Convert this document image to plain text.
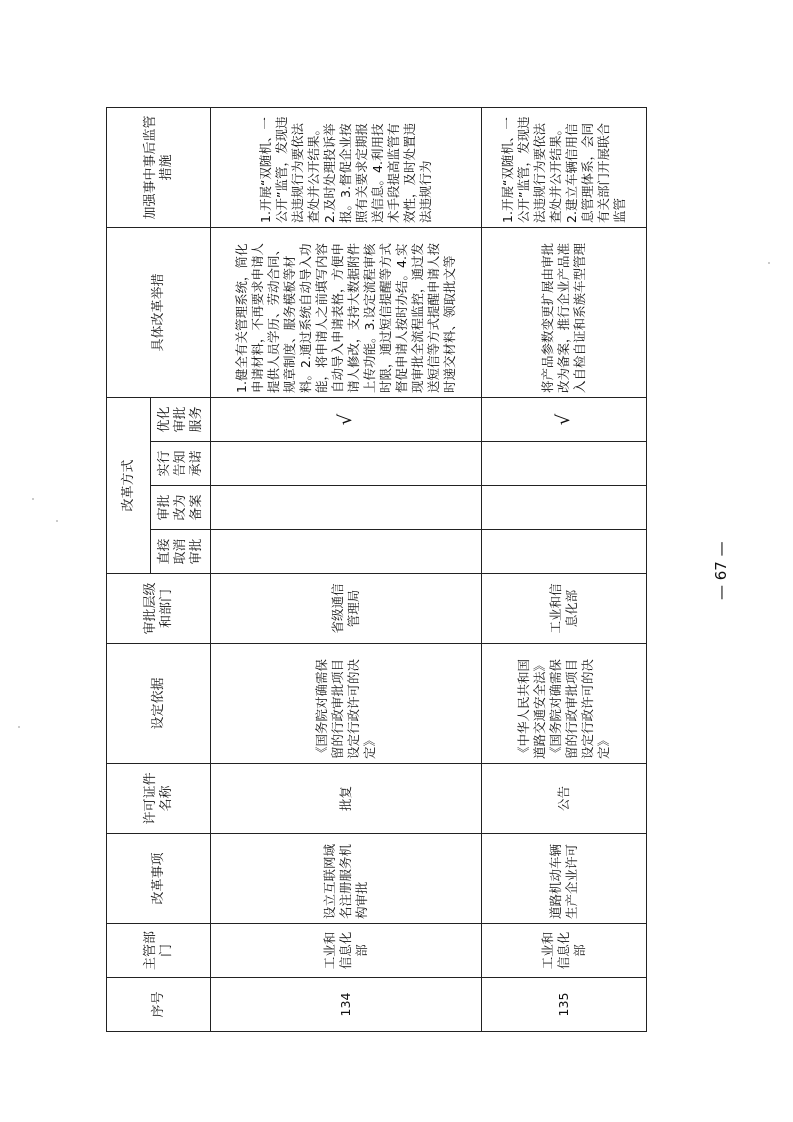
序号	主管部门	改革事项	许可证件名称	设定依据	审批层级和部门	改革方式				具体改革举措	加强事中事后监管措施
						直接取消审批	审批改为备案	实行告知承诺	优化审批服务		
134	工业和信息化部	设立互联网域名注册服务机构审批	批复	《国务院对确需保留的行政审批项目设定行政许可的决定》	省级通信管理局				√	1.健全有关管理系统，简化申请材料，不再要求申请人提供人员学历、劳动合同、规章制度、服务模板等材料。2.通过系统自动导入功能，将申请人之前填写内容自动导入申请表格，方便申请人修改，支持大数据附件上传功能。3.设定流程审核时限，通过短信提醒等方式督促申请人按时办结。4.实现审批全流程监控，通过发送短信等方式提醒申请人按时递交材料、领取批文等	1.开展“双随机、一公开”监管，发现违法违规行为要依法查处并公开结果。2.及时处理投诉举报。3.督促企业按照有关要求定期报送信息。4.利用技术手段提高监管有效性，及时处置违法违规行为
135	工业和信息化部	道路机动车辆生产企业许可	公告	《中华人民共和国道路交通安全法》《国务院对确需保留的行政审批项目设定行政许可的决定》	工业和信息化部				√	将产品参数变更扩展由审批改为备案，推行企业产品准入自检自证和系族车型管理	1.开展“双随机、一公开”监管，发现违法违规行为要依法查处并公开结果。2.建立车辆信用信息管理体系，会同有关部门开展联合监管
— 67 —
